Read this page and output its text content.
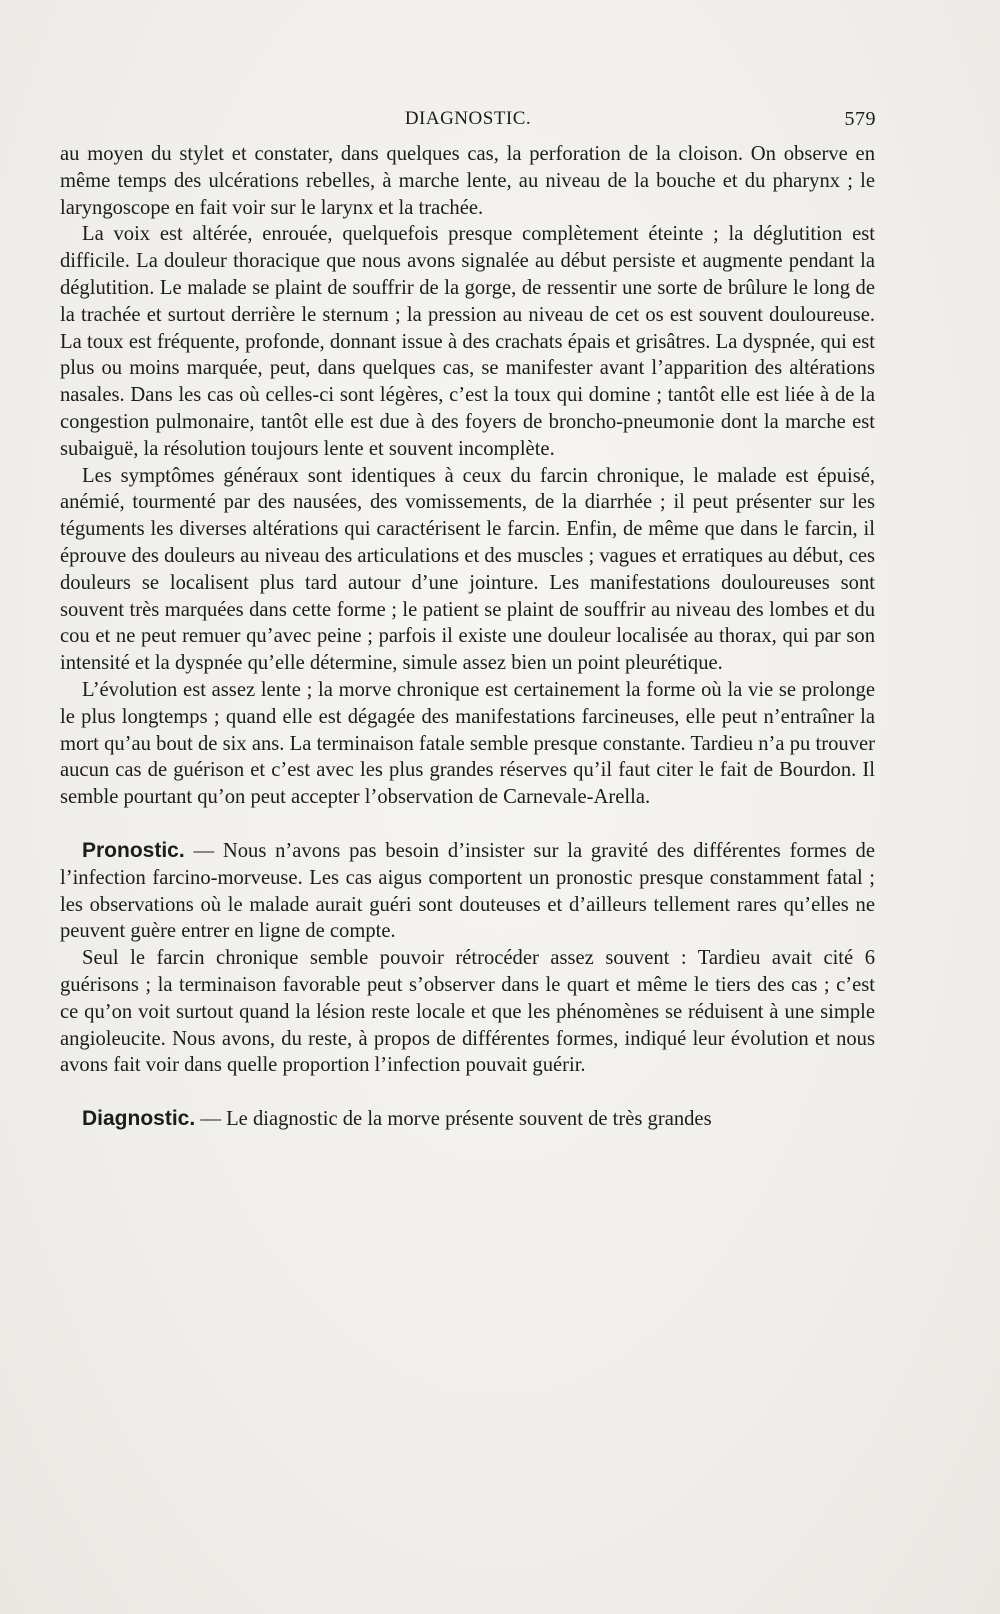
DIAGNOSTIC.	579

au moyen du stylet et constater, dans quelques cas, la perforation de la cloison. On observe en même temps des ulcérations rebelles, à marche lente, au niveau de la bouche et du pharynx ; le laryngoscope en fait voir sur le larynx et la trachée.

La voix est altérée, enrouée, quelquefois presque complètement éteinte ; la déglutition est difficile. La douleur thoracique que nous avons signalée au début persiste et augmente pendant la déglutition. Le malade se plaint de souffrir de la gorge, de ressentir une sorte de brûlure le long de la trachée et surtout derrière le sternum ; la pression au niveau de cet os est souvent douloureuse. La toux est fréquente, profonde, donnant issue à des crachats épais et grisâtres. La dyspnée, qui est plus ou moins marquée, peut, dans quelques cas, se manifester avant l’apparition des altérations nasales. Dans les cas où celles-ci sont légères, c’est la toux qui domine ; tantôt elle est liée à de la congestion pulmonaire, tantôt elle est due à des foyers de broncho-pneumonie dont la marche est subaiguë, la résolution toujours lente et souvent incomplète.

Les symptômes généraux sont identiques à ceux du farcin chronique, le malade est épuisé, anémié, tourmenté par des nausées, des vomissements, de la diarrhée ; il peut présenter sur les téguments les diverses altérations qui caractérisent le farcin. Enfin, de même que dans le farcin, il éprouve des douleurs au niveau des articulations et des muscles ; vagues et erratiques au début, ces douleurs se localisent plus tard autour d’une jointure. Les manifestations douloureuses sont souvent très marquées dans cette forme ; le patient se plaint de souffrir au niveau des lombes et du cou et ne peut remuer qu’avec peine ; parfois il existe une douleur localisée au thorax, qui par son intensité et la dyspnée qu’elle détermine, simule assez bien un point pleurétique.

L’évolution est assez lente ; la morve chronique est certainement la forme où la vie se prolonge le plus longtemps ; quand elle est dégagée des manifestations farcineuses, elle peut n’entraîner la mort qu’au bout de six ans. La terminaison fatale semble presque constante. Tardieu n’a pu trouver aucun cas de guérison et c’est avec les plus grandes réserves qu’il faut citer le fait de Bourdon. Il semble pourtant qu’on peut accepter l’observation de Carnevale-Arella.

Pronostic. — Nous n’avons pas besoin d’insister sur la gravité des différentes formes de l’infection farcino-morveuse. Les cas aigus comportent un pronostic presque constamment fatal ; les observations où le malade aurait guéri sont douteuses et d’ailleurs tellement rares qu’elles ne peuvent guère entrer en ligne de compte.

Seul le farcin chronique semble pouvoir rétrocéder assez souvent : Tardieu avait cité 6 guérisons ; la terminaison favorable peut s’observer dans le quart et même le tiers des cas ; c’est ce qu’on voit surtout quand la lésion reste locale et que les phénomènes se réduisent à une simple angioleucite. Nous avons, du reste, à propos de différentes formes, indiqué leur évolution et nous avons fait voir dans quelle proportion l’infection pouvait guérir.

Diagnostic. — Le diagnostic de la morve présente souvent de très grandes
